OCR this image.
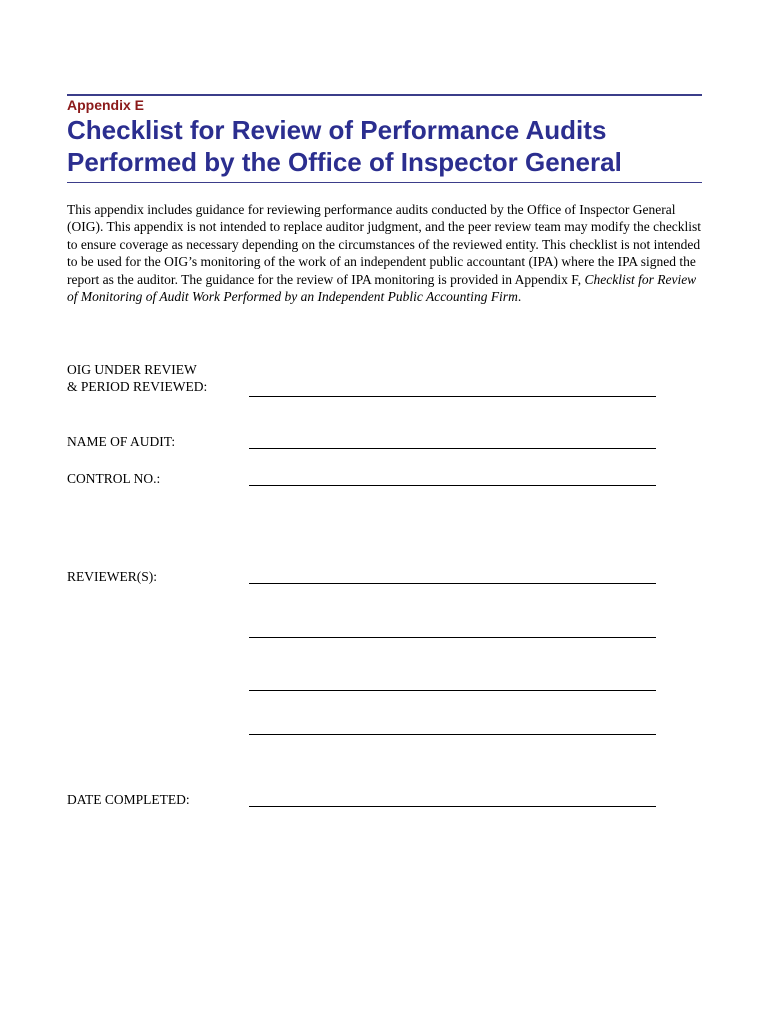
Appendix E
Checklist for Review of Performance Audits
Performed by the Office of Inspector General

This appendix includes guidance for reviewing performance audits conducted by the Office of Inspector General (OIG). This appendix is not intended to replace auditor judgment, and the peer review team may modify the checklist to ensure coverage as necessary depending on the circumstances of the reviewed entity. This checklist is not intended to be used for the OIG’s monitoring of the work of an independent public accountant (IPA) where the IPA signed the report as the auditor. The guidance for the review of IPA monitoring is provided in Appendix F, Checklist for Review of Monitoring of Audit Work Performed by an Independent Public Accounting Firm.

OIG UNDER REVIEW
& PERIOD REVIEWED:
NAME OF AUDIT:
CONTROL NO.:
REVIEWER(S):
DATE COMPLETED:
